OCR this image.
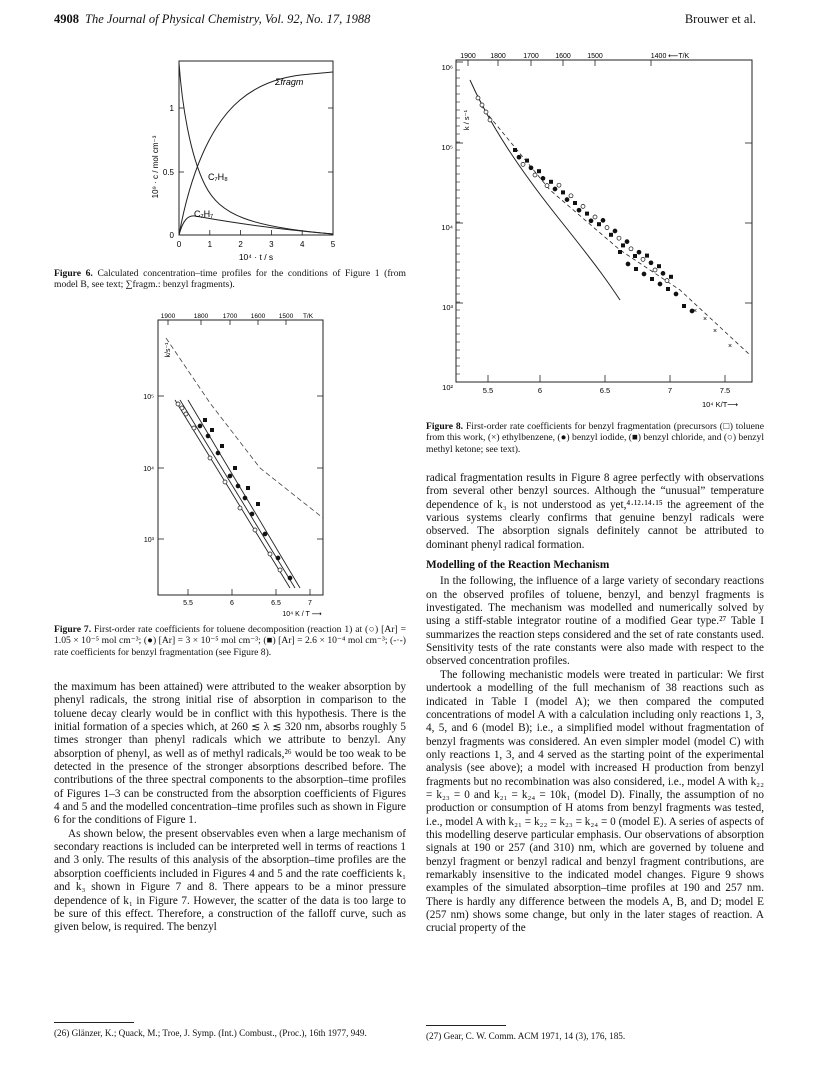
4908 The Journal of Physical Chemistry, Vol. 92, No. 17, 1988	Brouwer et al.
Σfragm
C₇H₈
C₇H₇
0
0.5
1
0	1	2	3	4	5
10⁴ · t / s
10⁹ · c / mol cm⁻³
Figure 6. Calculated concentration–time profiles for the conditions of Figure 1 (from model B, see text; ∑fragm.: benzyl fragments).
1900	1800 1700 1600 1500 T/K
k/s⁻¹
10⁵
10⁴
10³
5.5	6	6.5	7
10⁴ K / T ⟶
Figure 7. First-order rate coefficients for toluene decomposition (reaction 1) at (○) [Ar] = 1.05 × 10⁻⁵ mol cm⁻³; (●) [Ar] = 3 × 10⁻⁵ mol cm⁻³; (■) [Ar] = 2.6 × 10⁻⁴ mol cm⁻³; (-·-) rate coefficients for benzyl fragmentation (see Figure 8).
×
×
×
×
1900 1800 1700 1600 1500	1400 ⟵T/K
k / s⁻¹
10⁶
10⁵
10⁴
10³
10²	5.5	6	6.5	7	7.5
10⁴ K/T⟶
Figure 8. First-order rate coefficients for benzyl fragmentation (precursors (□) toluene from this work, (×) ethylbenzene, (●) benzyl iodide, (■) benzyl chloride, and (○) benzyl methyl ketone; see text).

the maximum has been attained) were attributed to the weaker absorption by phenyl radicals, the strong initial rise of absorption in comparison to the toluene decay clearly would be in conflict with this hypothesis. There is the initial formation of a species which, at 260 ≲ λ ≲ 320 nm, absorbs roughly 5 times stronger than phenyl radicals which we attribute to benzyl. Any absorption of phenyl, as well as of methyl radicals,²⁶ would be too weak to be detected in the presence of the stronger absorptions described before. The contributions of the three spectral components to the absorption–time profiles of Figures 1–3 can be constructed from the absorption coefficients of Figures 4 and 5 and the modelled concentration–time profiles such as shown in Figure 6 for the conditions of Figure 1.

As shown below, the present observables even when a large mechanism of secondary reactions is included can be interpreted well in terms of reactions 1 and 3 only. The results of this analysis of the absorption–time profiles are the absorption coefficients included in Figures 4 and 5 and the rate coefficients k₁ and k₃ shown in Figure 7 and 8. There appears to be a minor pressure dependence of k₁ in Figure 7. However, the scatter of the data is too large to be sure of this effect. Therefore, a construction of the falloff curve, such as given below, is required. The benzyl

(26) Glänzer, K.; Quack, M.; Troe, J. Symp. (Int.) Combust., (Proc.), 16th 1977, 949.

radical fragmentation results in Figure 8 agree perfectly with observations from several other benzyl sources. Although the “unusual” temperature dependence of k₃ is not understood as yet,⁴·¹²·¹⁴·¹⁵ the agreement of the various systems clearly confirms that genuine benzyl radicals were observed. The absorption signals definitely cannot be attributed to dominant phenyl radical formation.

Modelling of the Reaction Mechanism

In the following, the influence of a large variety of secondary reactions on the observed profiles of toluene, benzyl, and benzyl fragments is investigated. The mechanism was modelled and numerically solved by using a stiff-stable integrator routine of a modified Gear type.²⁷ Table I summarizes the reaction steps considered and the set of rate constants used. Sensitivity tests of the rate constants were also made with respect to the observed concentration profiles.

The following mechanistic models were treated in particular: We first undertook a modelling of the full mechanism of 38 reactions such as indicated in Table I (model A); we then compared the computed concentrations of model A with a calculation including only reactions 1, 3, 4, 5, and 6 (model B); i.e., a simplified model without fragmentation of benzyl fragments was considered. An even simpler model (model C) with only reactions 1, 3, and 4 served as the starting point of the experimental analysis (see above); a model with increased H production from benzyl fragments but no recombination was also considered, i.e., model A with k₂₂ = k₂₃ = 0 and k₂₁ = k₂₄ = 10k₁ (model D). Finally, the assumption of no production or consumption of H atoms from benzyl fragments was tested, i.e., model A with k₂₁ = k₂₂ = k₂₃ = k₂₄ = 0 (model E). A series of aspects of this modelling deserve particular emphasis. Our observations of absorption signals at 190 or 257 (and 310) nm, which are governed by toluene and benzyl fragment or benzyl radical and benzyl fragment contributions, are remarkably insensitive to the indicated model changes. Figure 9 shows examples of the simulated absorption–time profiles at 190 and 257 nm. There is hardly any difference between the models A, B, and D; model E (257 nm) shows some change, but only in the later stages of reaction. A crucial property of the

(27) Gear, C. W. Comm. ACM 1971, 14 (3), 176, 185.
